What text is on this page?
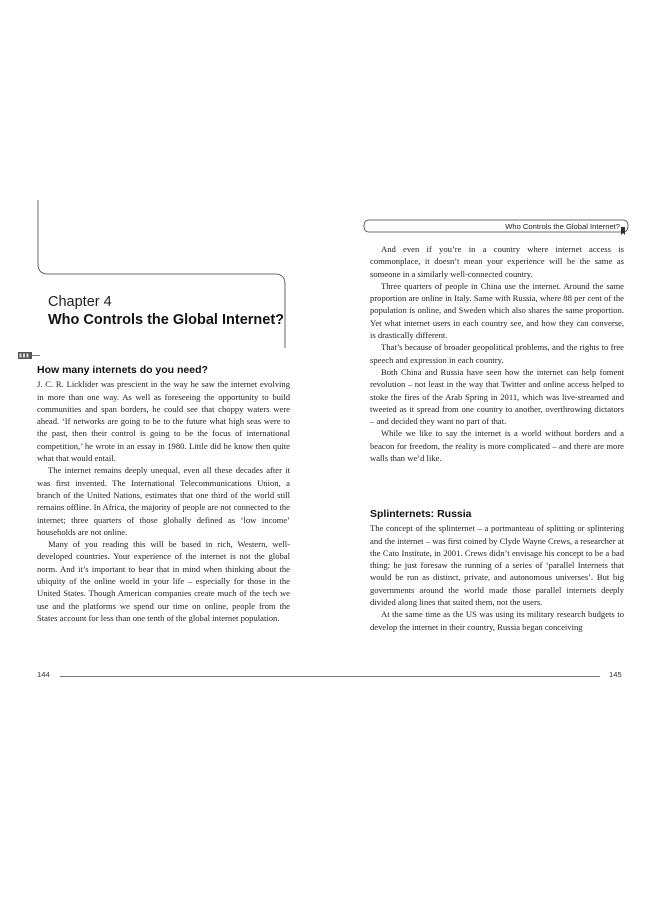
Chapter 4
Who Controls the Global Internet?
How many internets do you need?

J. C. R. Licklider was prescient in the way he saw the internet evolving in more than one way. As well as foreseeing the opportunity to build communities and span borders, he could see that choppy waters were ahead. ‘If networks are going to be to the future what high seas were to the past, then their control is going to be the focus of international competition,’ he wrote in an essay in 1980. Little did he know then quite what that would entail.

The internet remains deeply unequal, even all these decades after it was first invented. The International Telecommunications Union, a branch of the United Nations, estimates that one third of the world still remains offline. In Africa, the majority of people are not connected to the internet; three quarters of those globally defined as ‘low income’ households are not online.

Many of you reading this will be based in rich, Western, well-developed countries. Your experience of the internet is not the global norm. And it’s important to bear that in mind when thinking about the ubiquity of the online world in your life – especially for those in the United States. Though American companies create much of the tech we use and the platforms we spend our time on online, people from the States account for less than one tenth of the global internet population.

144
Who Controls the Global Internet?

And even if you’re in a country where internet access is commonplace, it doesn’t mean your experience will be the same as someone in a similarly well-connected country.

Three quarters of people in China use the internet. Around the same proportion are online in Italy. Same with Russia, where 88 per cent of the population is online, and Sweden which also shares the same proportion. Yet what internet users in each country see, and how they can converse, is drastically different.

That’s because of broader geopolitical problems, and the rights to free speech and expression in each country.

Both China and Russia have seen how the internet can help foment revolution – not least in the way that Twitter and online access helped to stoke the fires of the Arab Spring in 2011, which was live-streamed and tweeted as it spread from one country to another, overthrowing dictators – and decided they want no part of that.

While we like to say the internet is a world without borders and a beacon for freedom, the reality is more complicated – and there are more walls than we’d like.

Splinternets: Russia

The concept of the splinternet – a portmanteau of splitting or splintering and the internet – was first coined by Clyde Wayne Crews, a researcher at the Cato Institute, in 2001. Crews didn’t envisage his concept to be a bad thing: he just foresaw the running of a series of ‘parallel Internets that would be run as distinct, private, and autonomous universes’. But big governments around the world made those parallel internets deeply divided along lines that suited them, not the users.

At the same time as the US was using its military research budgets to develop the internet in their country, Russia began conceiving

145
